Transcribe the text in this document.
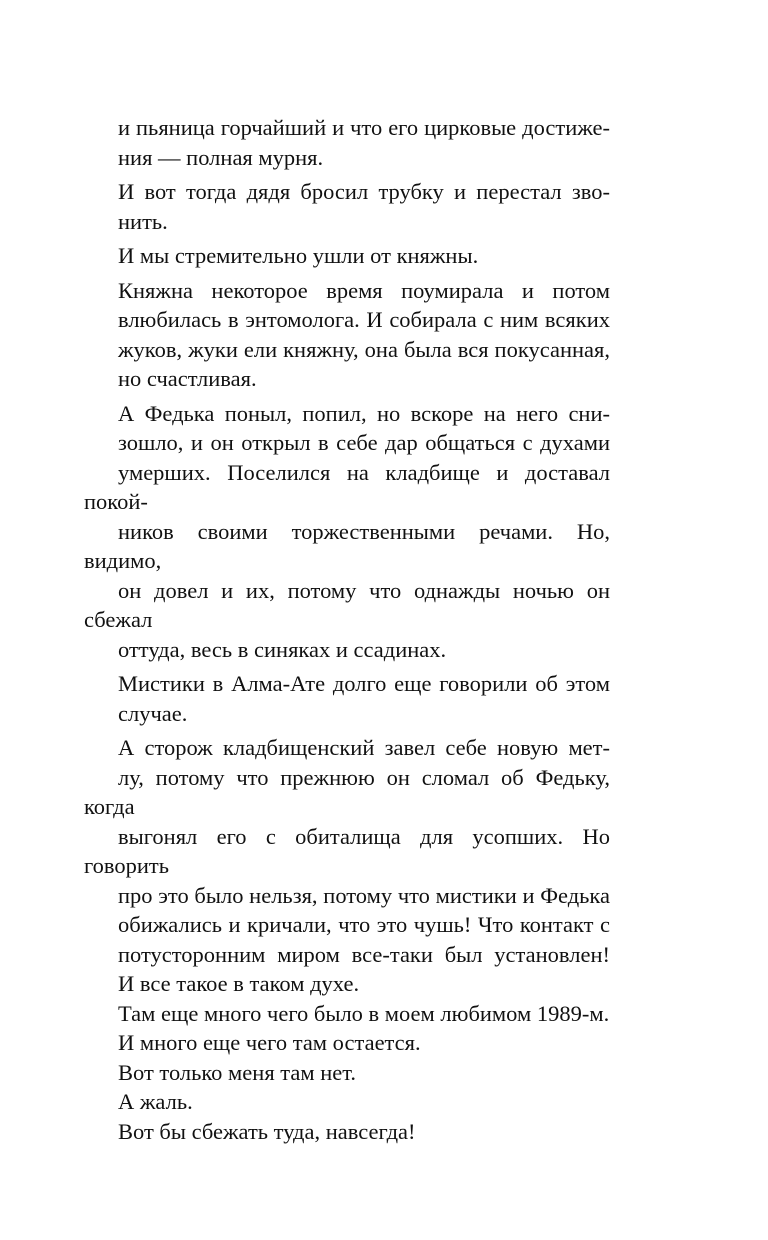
и пьяница горчайший и что его цирковые достиже-
ния — полная мурня.

И вот тогда дядя бросил трубку и перестал зво-
нить.

И мы стремительно ушли от княжны.

Княжна некоторое время поумирала и потом
влюбилась в энтомолога. И собирала с ним всяких
жуков, жуки ели княжну, она была вся покусанная,
но счастливая.

А Федька поныл, попил, но вскоре на него сни-
зошло, и он открыл в себе дар общаться с духами
умерших. Поселился на кладбище и доставал покой-
ников своими торжественными речами. Но, видимо,
он довел и их, потому что однажды ночью он сбежал
оттуда, весь в синяках и ссадинах.

Мистики в Алма-Ате долго еще говорили об этом
случае.

А сторож кладбищенский завел себе новую мет-
лу, потому что прежнюю он сломал об Федьку, когда
выгонял его с обиталища для усопших. Но говорить
про это было нельзя, потому что мистики и Федька
обижались и кричали, что это чушь! Что контакт с
потусторонним миром все-таки был установлен!
И все такое в таком духе.

Там еще много чего было в моем любимом 1989-м.

И много еще чего там остается.

Вот только меня там нет.

А жаль.

Вот бы сбежать туда, навсегда!
